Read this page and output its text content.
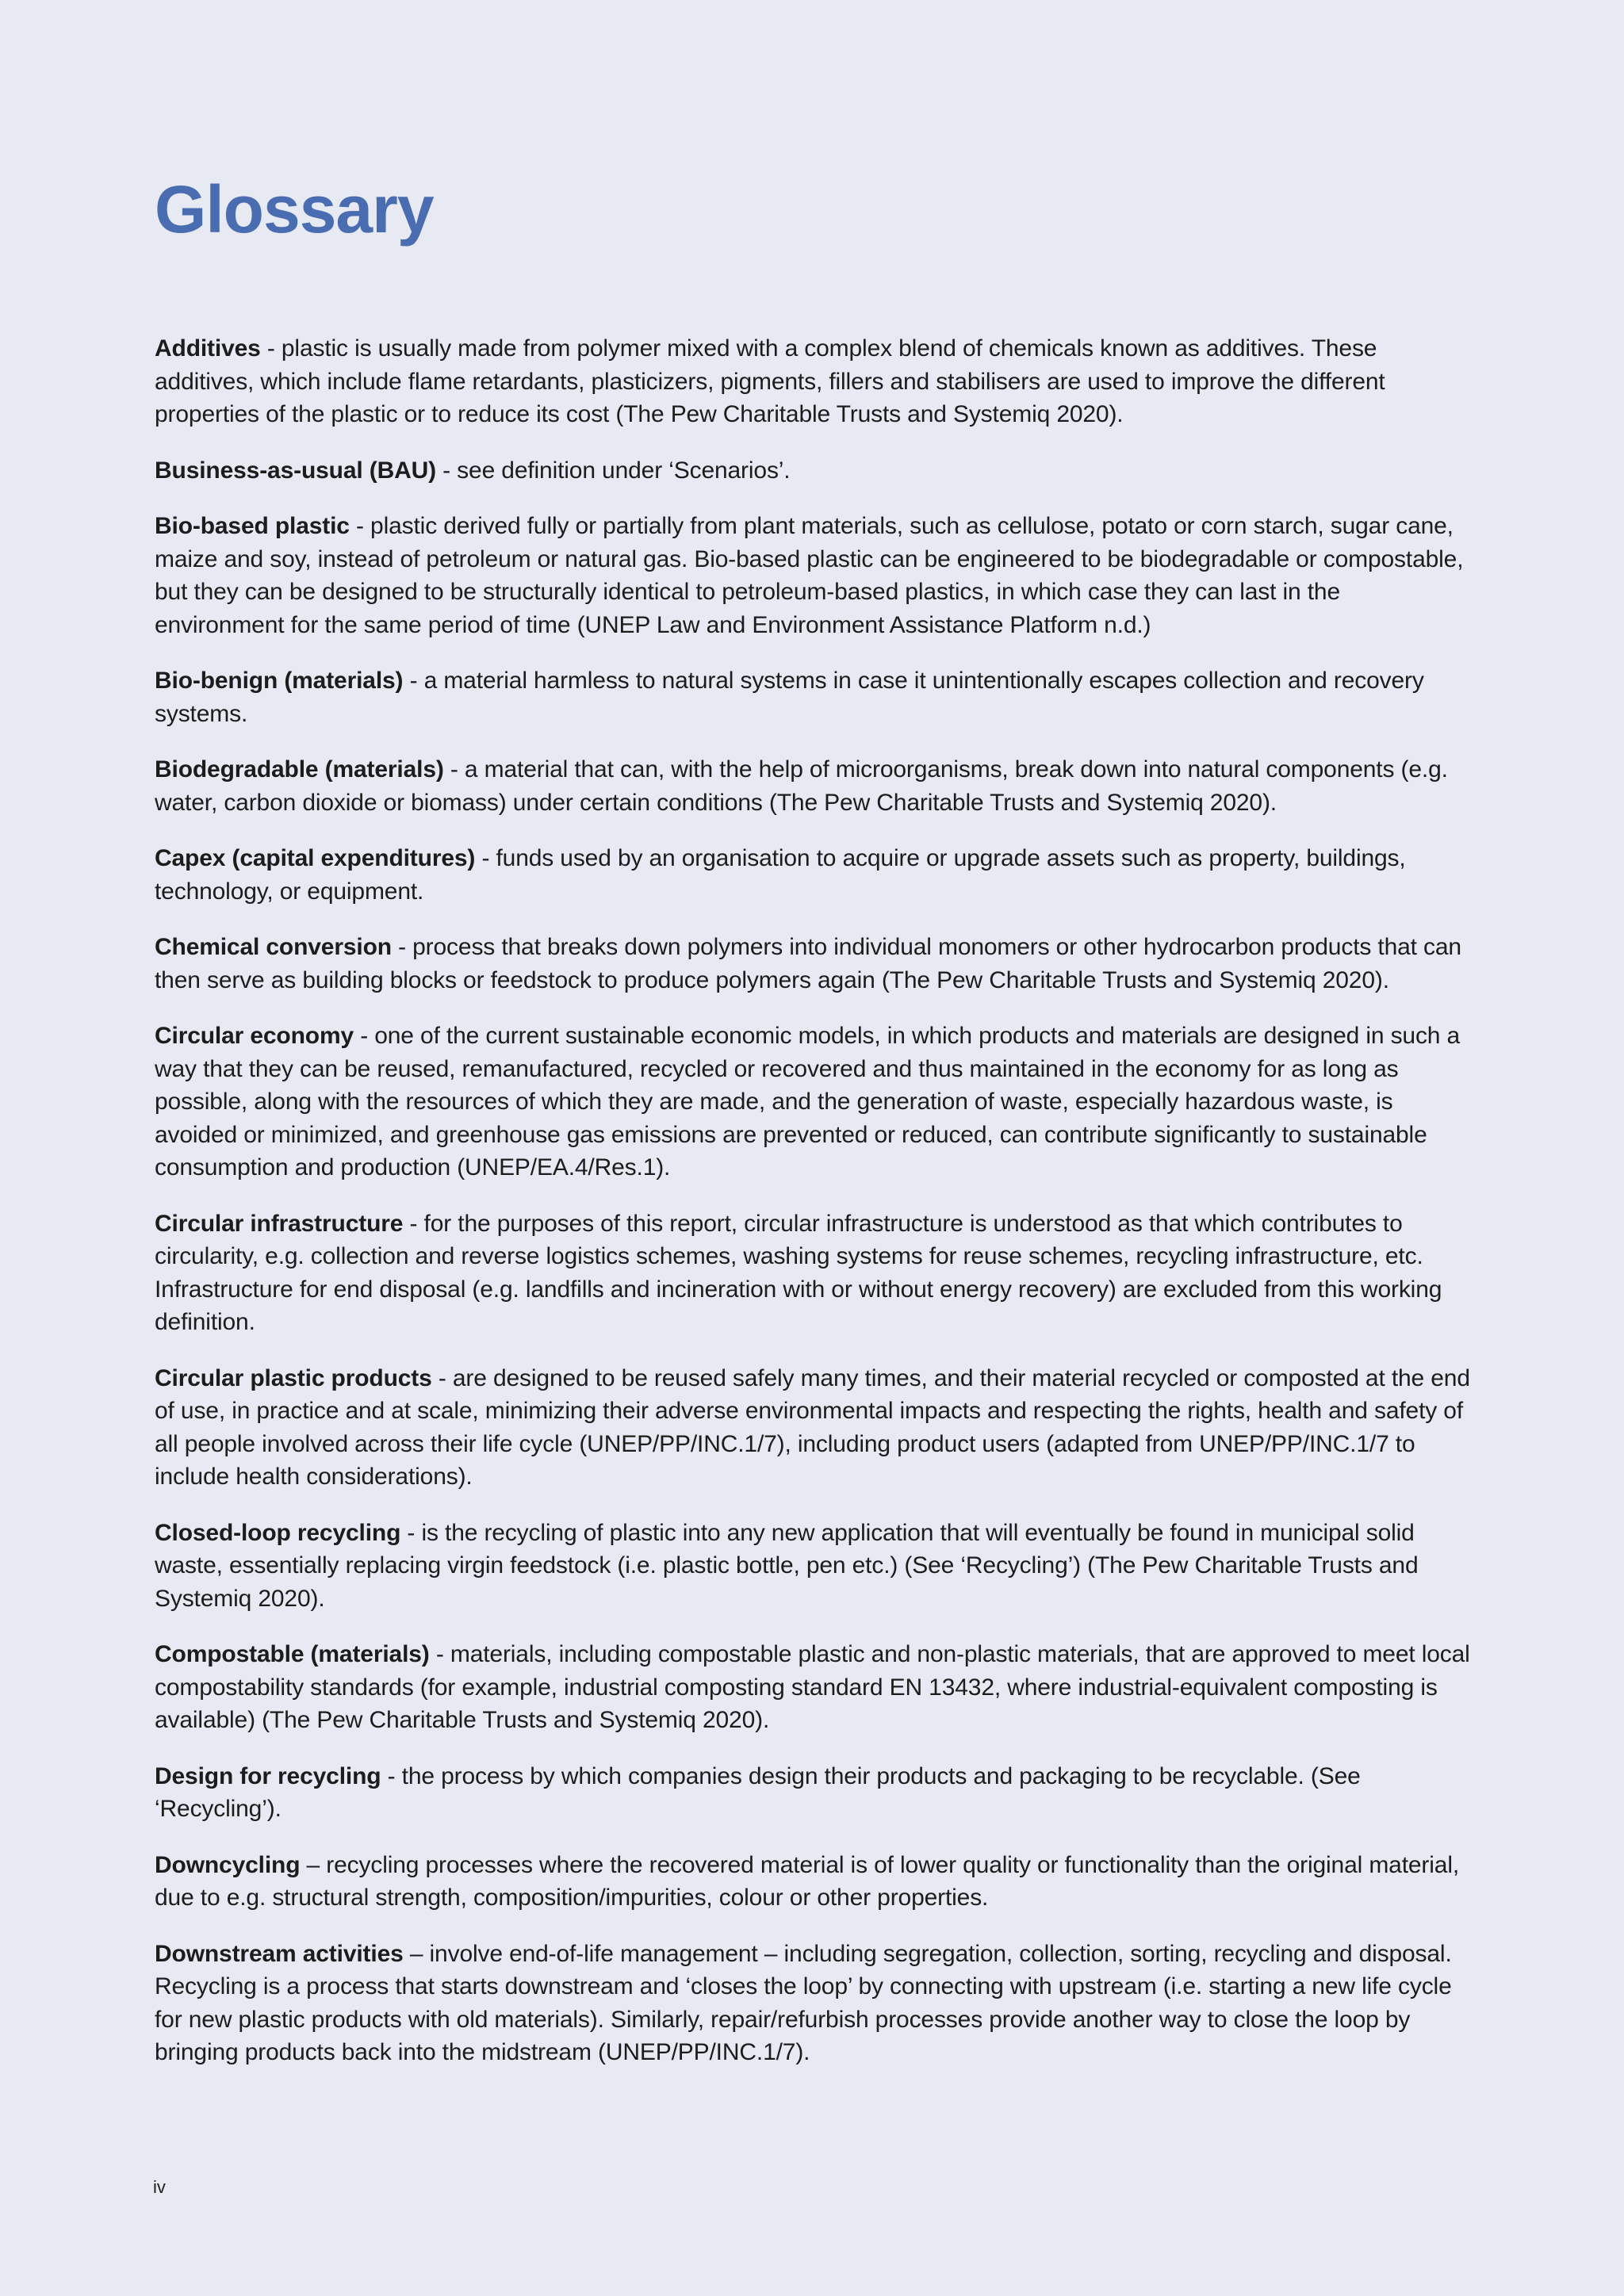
Glossary

Additives - plastic is usually made from polymer mixed with a complex blend of chemicals known as additives. These additives, which include flame retardants, plasticizers, pigments, fillers and stabilisers are used to improve the different properties of the plastic or to reduce its cost (The Pew Charitable Trusts and Systemiq 2020).

Business-as-usual (BAU) - see definition under ‘Scenarios’.

Bio-based plastic - plastic derived fully or partially from plant materials, such as cellulose, potato or corn starch, sugar cane, maize and soy, instead of petroleum or natural gas. Bio-based plastic can be engineered to be biodegradable or compostable, but they can be designed to be structurally identical to petroleum-based plastics, in which case they can last in the environment for the same period of time (UNEP Law and Environment Assistance Platform n.d.)

Bio-benign (materials) - a material harmless to natural systems in case it unintentionally escapes collection and recovery systems.

Biodegradable (materials) - a material that can, with the help of microorganisms, break down into natural components (e.g. water, carbon dioxide or biomass) under certain conditions (The Pew Charitable Trusts and Systemiq 2020).

Capex (capital expenditures) - funds used by an organisation to acquire or upgrade assets such as property, buildings, technology, or equipment.

Chemical conversion - process that breaks down polymers into individual monomers or other hydrocarbon products that can then serve as building blocks or feedstock to produce polymers again (The Pew Charitable Trusts and Systemiq 2020).

Circular economy - one of the current sustainable economic models, in which products and materials are designed in such a way that they can be reused, remanufactured, recycled or recovered and thus maintained in the economy for as long as possible, along with the resources of which they are made, and the generation of waste, especially hazardous waste, is avoided or minimized, and greenhouse gas emissions are prevented or reduced, can contribute significantly to sustainable consumption and production (UNEP/EA.4/Res.1).

Circular infrastructure - for the purposes of this report, circular infrastructure is understood as that which contributes to circularity, e.g. collection and reverse logistics schemes, washing systems for reuse schemes, recycling infrastructure, etc. Infrastructure for end disposal (e.g. landfills and incineration with or without energy recovery) are excluded from this working definition.

Circular plastic products - are designed to be reused safely many times, and their material recycled or composted at the end of use, in practice and at scale, minimizing their adverse environmental impacts and respecting the rights, health and safety of all people involved across their life cycle (UNEP/PP/INC.1/7), including product users (adapted from UNEP/PP/INC.1/7 to include health considerations).

Closed-loop recycling - is the recycling of plastic into any new application that will eventually be found in municipal solid waste, essentially replacing virgin feedstock (i.e. plastic bottle, pen etc.) (See ‘Recycling’) (The Pew Charitable Trusts and Systemiq 2020).

Compostable (materials) - materials, including compostable plastic and non-plastic materials, that are approved to meet local compostability standards (for example, industrial composting standard EN 13432, where industrial-equivalent composting is available) (The Pew Charitable Trusts and Systemiq 2020).

Design for recycling - the process by which companies design their products and packaging to be recyclable. (See ‘Recycling’).

Downcycling – recycling processes where the recovered material is of lower quality or functionality than the original material, due to e.g. structural strength, composition/impurities, colour or other properties.

Downstream activities – involve end-of-life management – including segregation, collection, sorting, recycling and disposal. Recycling is a process that starts downstream and ‘closes the loop’ by connecting with upstream (i.e. starting a new life cycle for new plastic products with old materials). Similarly, repair/refurbish processes provide another way to close the loop by bringing products back into the midstream (UNEP/PP/INC.1/7).

iv
